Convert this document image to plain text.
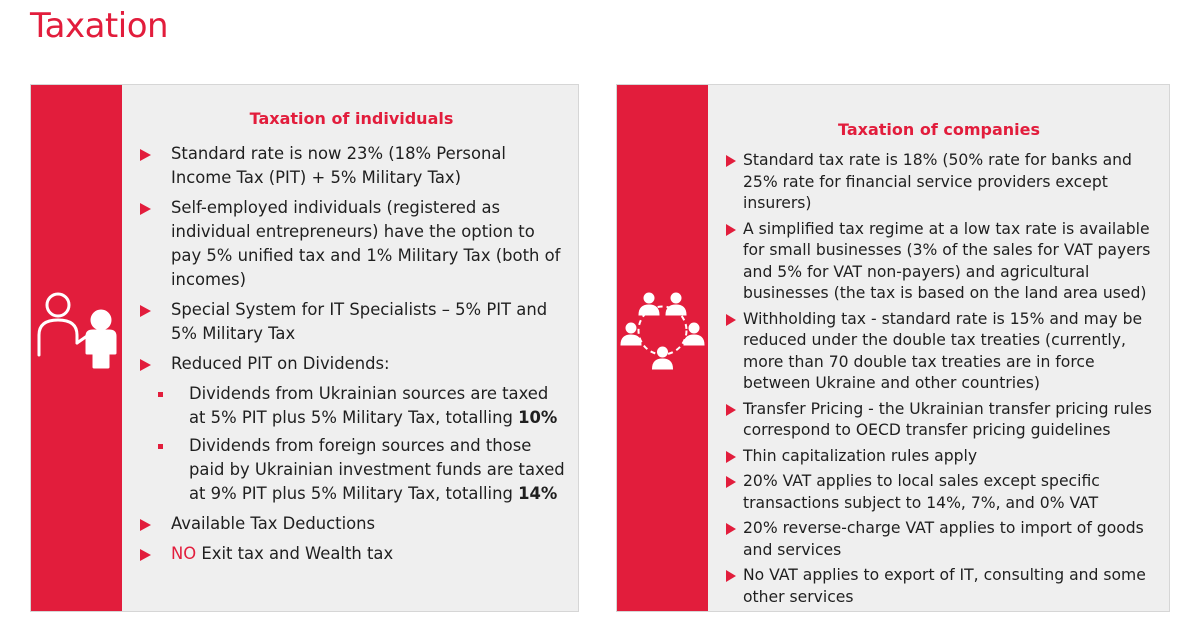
Taxation
Taxation of individuals
Standard rate is now 23% (18% Personal Income Tax (PIT) + 5% Military Tax)
Self-employed individuals (registered as individual entrepreneurs) have the option to pay 5% unified tax and 1% Military Tax (both of incomes)
Special System for IT Specialists – 5% PIT and 5% Military Tax
Reduced PIT on Dividends:
Dividends from Ukrainian sources are taxed at 5% PIT plus 5% Military Tax, totalling 10%
Dividends from foreign sources and those paid by Ukrainian investment funds are taxed at 9% PIT plus 5% Military Tax, totalling 14%
Available Tax Deductions
NO Exit tax and Wealth tax
Taxation of companies
Standard tax rate is 18% (50% rate for banks and 25% rate for financial service providers except insurers)
A simplified tax regime at a low tax rate is available for small businesses (3% of the sales for VAT payers and 5% for VAT non-payers) and agricultural businesses (the tax is based on the land area used)
Withholding tax - standard rate is 15% and may be reduced under the double tax treaties (currently, more than 70 double tax treaties are in force between Ukraine and other countries)
Transfer Pricing - the Ukrainian transfer pricing rules correspond to OECD transfer pricing guidelines
Thin capitalization rules apply
20% VAT applies to local sales except specific transactions subject to 14%, 7%, and 0% VAT
20% reverse-charge VAT applies to import of goods and services
No VAT applies to export of IT, consulting and some other services
